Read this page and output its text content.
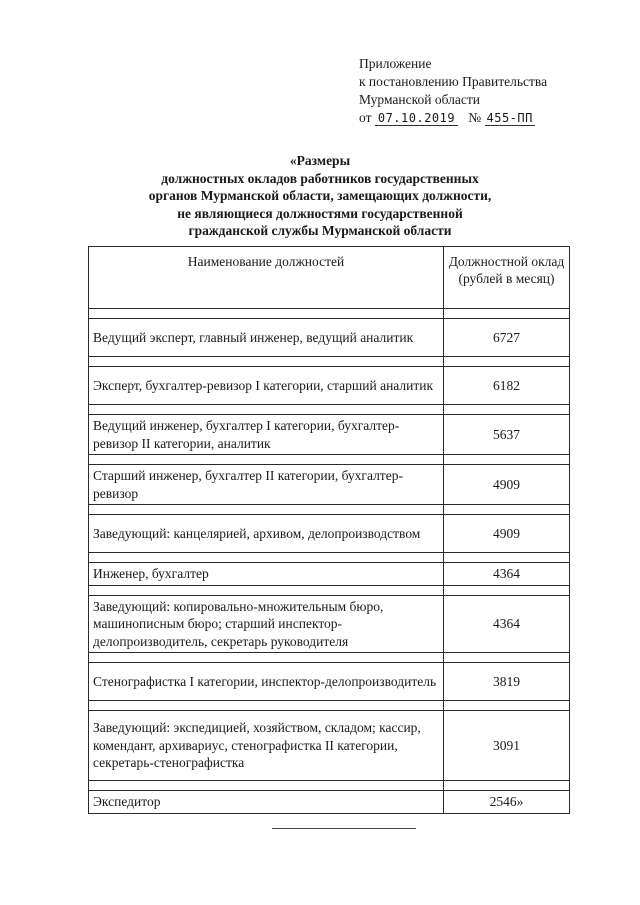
Приложение
к постановлению Правительства
Мурманской области
от 07.10.2019 № 455-ПП
«Размеры
должностных окладов работников государственных
органов Мурманской области, замещающих должности,
не являющиеся должностями государственной
гражданской службы Мурманской области
Наименование должностей	Должностной оклад (рублей в месяц)

Ведущий эксперт, главный инженер, ведущий аналитик	6727

Эксперт, бухгалтер-ревизор I категории, старший аналитик	6182

Ведущий инженер, бухгалтер I категории, бухгалтер-ревизор II категории, аналитик	5637

Старший инженер, бухгалтер II категории, бухгалтер-ревизор	4909

Заведующий: канцелярией, архивом, делопроизводством	4909

Инженер, бухгалтер	4364

Заведующий: копировально-множительным бюро, машинописным бюро; старший инспектор-делопроизводитель, секретарь руководителя	4364

Стенографистка I категории, инспектор-делопроизводитель	3819

Заведующий: экспедицией, хозяйством, складом; кассир, комендант, архивариус, стенографистка II категории, секретарь-стенографистка	3091

Экспедитор	2546»
